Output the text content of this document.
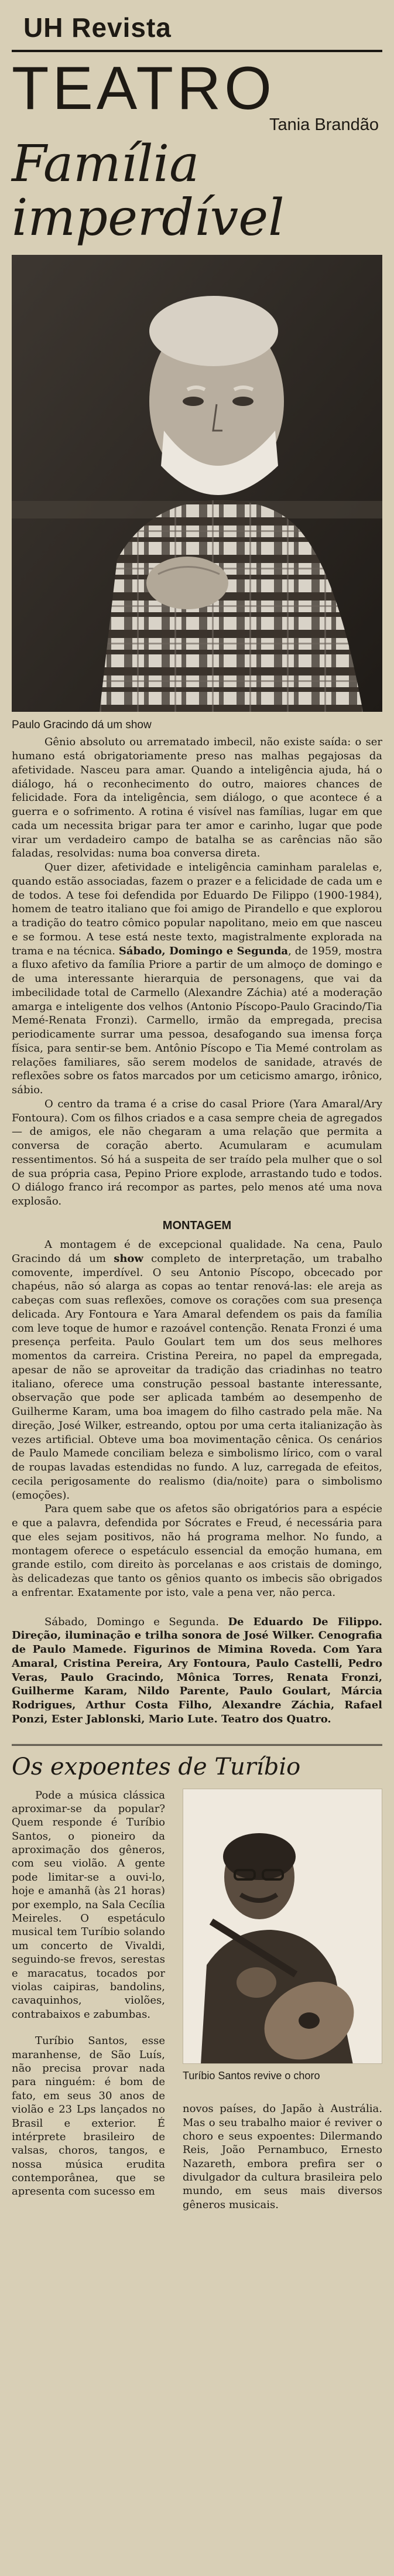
UH Revista
TEATRO
Tania Brandão
Família imperdível
Paulo Gracindo dá um show

Gênio absoluto ou arrematado imbecil, não existe saída: o ser humano está obrigatoriamente preso nas malhas pegajosas da afetividade. Nasceu para amar. Quando a inteligência ajuda, há o diálogo, há o reconhecimento do outro, maiores chances de felicidade. Fora da inteligência, sem diálogo, o que acontece é a guerra e o sofrimento. A rotina é visível nas famílias, lugar em que cada um necessita brigar para ter amor e carinho, lugar que pode virar um verdadeiro campo de batalha se as carências não são faladas, resolvidas: numa boa conversa direta.

Quer dizer, afetividade e inteligência caminham paralelas e, quando estão associadas, fazem o prazer e a felicidade de cada um e de todos. A tese foi defendida por Eduardo De Filippo (1900-1984), homem de teatro italiano que foi amigo de Pirandello e que explorou a tradição do teatro cômico popular napolitano, meio em que nasceu e se formou. A tese está neste texto, magistralmente explorada na trama e na técnica. Sábado, Domingo e Segunda, de 1959, mostra a fluxo afetivo da família Priore a partir de um almoço de domingo e de uma interessante hierarquia de personagens, que vai da imbecilidade total de Carmello (Alexandre Záchia) até a moderação amarga e inteligente dos velhos (Antonio Píscopo-Paulo Gracindo/Tia Memé-Renata Fronzi). Carmello, irmão da empregada, precisa periodicamente surrar uma pessoa, desafogando sua imensa força física, para sentir-se bem. Antônio Píscopo e Tia Memé controlam as relações familiares, são serem modelos de sanidade, através de reflexões sobre os fatos marcados por um ceticismo amargo, irônico, sábio.

O centro da trama é a crise do casal Priore (Yara Amaral/Ary Fontoura). Com os filhos criados e a casa sempre cheia de agregados — de amigos, ele não chegaram a uma relação que permita a conversa de coração aberto. Acumularam e acumulam ressentimentos. Só há a suspeita de ser traído pela mulher que o sol de sua própria casa, Pepino Priore explode, arrastando tudo e todos. O diálogo franco irá recompor as partes, pelo menos até uma nova explosão.

MONTAGEM

A montagem é de excepcional qualidade. Na cena, Paulo Gracindo dá um show completo de interpretação, um trabalho comovente, imperdível. O seu Antonio Píscopo, obcecado por chapéus, não só alarga as copas ao tentar renová-las: ele areja as cabeças com suas reflexões, comove os corações com sua presença delicada. Ary Fontoura e Yara Amaral defendem os pais da família com leve toque de humor e razoável contenção. Renata Fronzi é uma presença perfeita. Paulo Goulart tem um dos seus melhores momentos da carreira. Cristina Pereira, no papel da empregada, apesar de não se aproveitar da tradição das criadinhas no teatro italiano, oferece uma construção pessoal bastante interessante, observação que pode ser aplicada também ao desempenho de Guilherme Karam, uma boa imagem do filho castrado pela mãe. Na direção, José Wilker, estreando, optou por uma certa italianização às vezes artificial. Obteve uma boa movimentação cênica. Os cenários de Paulo Mamede conciliam beleza e simbolismo lírico, com o varal de roupas lavadas estendidas no fundo. A luz, carregada de efeitos, cecila perigosamente do realismo (dia/noite) para o simbolismo (emoções).

Para quem sabe que os afetos são obrigatórios para a espécie e que a palavra, defendida por Sócrates e Freud, é necessária para que eles sejam positivos, não há programa melhor. No fundo, a montagem oferece o espetáculo essencial da emoção humana, em grande estilo, com direito às porcelanas e aos cristais de domingo, às delicadezas que tanto os gênios quanto os imbecis são obrigados a enfrentar. Exatamente por isto, vale a pena ver, não perca.

Sábado, Domingo e Segunda. De Eduardo De Filippo. Direção, iluminação e trilha sonora de José Wilker. Cenografia de Paulo Mamede. Figurinos de Mimina Roveda. Com Yara Amaral, Cristina Pereira, Ary Fontoura, Paulo Castelli, Pedro Veras, Paulo Gracindo, Mônica Torres, Renata Fronzi, Guilherme Karam, Nildo Parente, Paulo Goulart, Márcia Rodrigues, Arthur Costa Filho, Alexandre Záchia, Rafael Ponzi, Ester Jablonski, Mario Lute. Teatro dos Quatro.
Os expoentes de Turíbio

Pode a música clássica aproximar-se da popular? Quem responde é Turíbio Santos, o pioneiro da aproximação dos gêneros, com seu violão. A gente pode limitar-se a ouvi-lo, hoje e amanhã (às 21 horas) por exemplo, na Sala Cecília Meireles. O espetáculo musical tem Turíbio solando um concerto de Vivaldi, seguindo-se frevos, serestas e maracatus, tocados por violas caipiras, bandolins, cavaquinhos, violões, contrabaixos e zabumbas.

Turíbio Santos, esse maranhense, de São Luís, não precisa provar nada para ninguém: é bom de fato, em seus 30 anos de violão e 23 Lps lançados no Brasil e exterior. É intérprete brasileiro de valsas, choros, tangos, e nossa música erudita contemporânea, que se apresenta com sucesso em

Turíbio Santos revive o choro

novos países, do Japão à Austrália. Mas o seu trabalho maior é reviver o choro e seus expoentes: Dilermando Reis, João Pernambuco, Ernesto Nazareth, embora prefira ser o divulgador da cultura brasileira pelo mundo, em seus mais diversos gêneros musicais.
